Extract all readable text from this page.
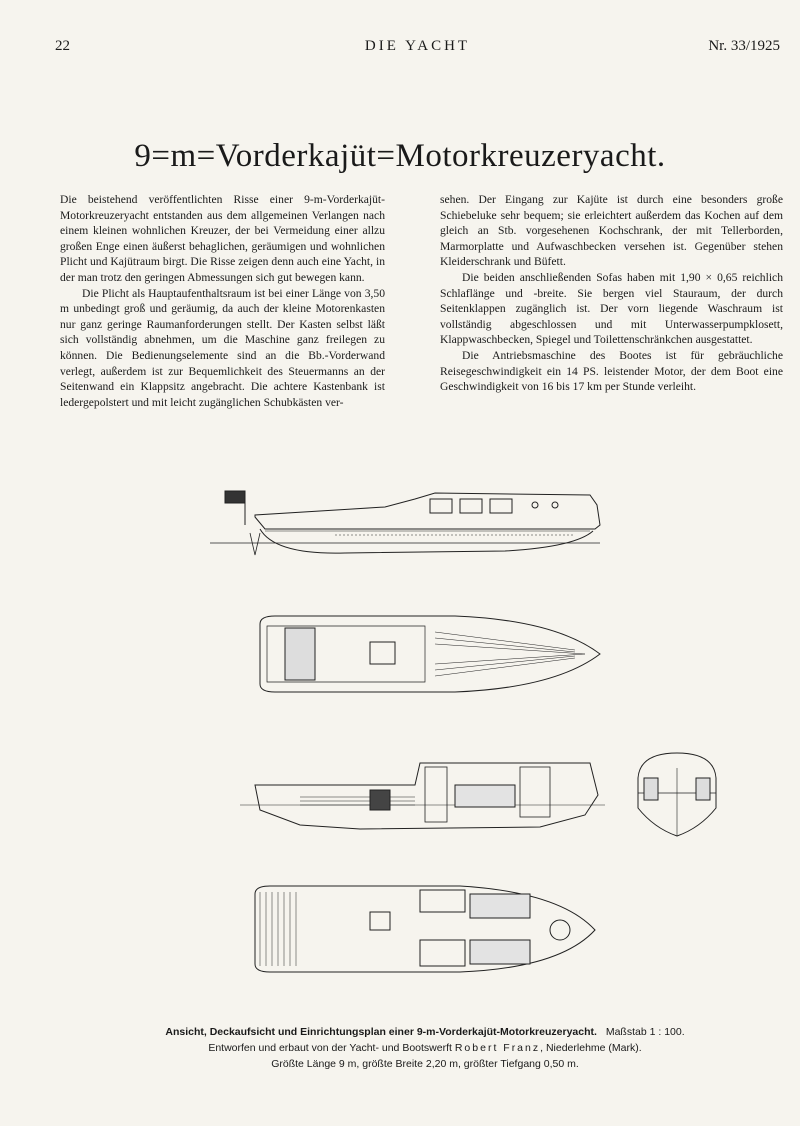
22	DIE YACHT	Nr. 33/1925
9=m=Vorderkajüt=Motorkreuzeryacht.

Die beistehend veröffentlichten Risse einer 9-m-Vorderkajüt-Motorkreuzeryacht entstanden aus dem allgemeinen Verlangen nach einem kleinen wohnlichen Kreuzer, der bei Vermeidung einer allzu großen Enge einen äußerst behaglichen, geräumigen und wohnlichen Plicht und Kajütraum birgt. Die Risse zeigen denn auch eine Yacht, in der man trotz den geringen Abmessungen sich gut bewegen kann.

Die Plicht als Hauptaufenthaltsraum ist bei einer Länge von 3,50 m unbedingt groß und geräumig, da auch der kleine Motorenkasten nur ganz geringe Raumanforderungen stellt. Der Kasten selbst läßt sich vollständig abnehmen, um die Maschine ganz freilegen zu können. Die Bedienungselemente sind an die Bb.-Vorderwand verlegt, außerdem ist zur Bequemlichkeit des Steuermanns an der Seitenwand ein Klappsitz angebracht. Die achtere Kastenbank ist ledergepolstert und mit leicht zugänglichen Schubkästen ver-

sehen. Der Eingang zur Kajüte ist durch eine besonders große Schiebeluke sehr bequem; sie erleichtert außerdem das Kochen auf dem gleich an Stb. vorgesehenen Kochschrank, der mit Tellerborden, Marmorplatte und Aufwaschbecken versehen ist. Gegenüber stehen Kleiderschrank und Büfett.

Die beiden anschließenden Sofas haben mit 1,90 × 0,65 reichlich Schlaflänge und -breite. Sie bergen viel Stauraum, der durch Seitenklappen zugänglich ist. Der vorn liegende Waschraum ist vollständig abgeschlossen und mit Unterwasserpumpklosett, Klappwaschbecken, Spiegel und Toilettenschränkchen ausgestattet.

Die Antriebsmaschine des Bootes ist für gebräuchliche Reisegeschwindigkeit ein 14 PS. leistender Motor, der dem Boot eine Geschwindigkeit von 16 bis 17 km per Stunde verleiht.

Ansicht, Deckaufsicht und Einrichtungsplan einer 9-m-Vorderkajüt-Motorkreuzeryacht. Maßstab 1 : 100.
Entworfen und erbaut von der Yacht- und Bootswerft Robert Franz, Niederlehme (Mark).
Größte Länge 9 m, größte Breite 2,20 m, größter Tiefgang 0,50 m.
